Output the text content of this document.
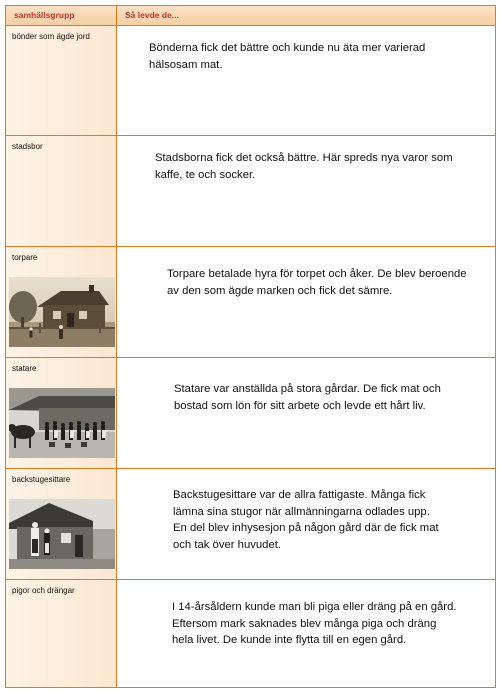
samhällsgrupp	Så levde de...
bönder som ägde jord
Bönderna fick det bättre och kunde nu äta mer varierad
hälsosam mat.
stadsbor
Stadsborna fick det också bättre. Här spreds nya varor som
kaffe, te och socker.
torpare
Torpare betalade hyra för torpet och åker. De blev beroende
av den som ägde marken och fick det sämre.
statare
Statare var anställda på stora gårdar. De fick mat och
bostad som lön för sitt arbete och levde ett hårt liv.
backstugesittare
Backstugesittare var de allra fattigaste. Många fick
lämna sina stugor när allmänningarna odlades upp.
En del blev inhysesjon på någon gård där de fick mat
och tak över huvudet.
pigor och drängar
I 14-årsåldern kunde man bli piga eller dräng på en gård.
Eftersom mark saknades blev många piga och dräng
hela livet. De kunde inte flytta till en egen gård.
